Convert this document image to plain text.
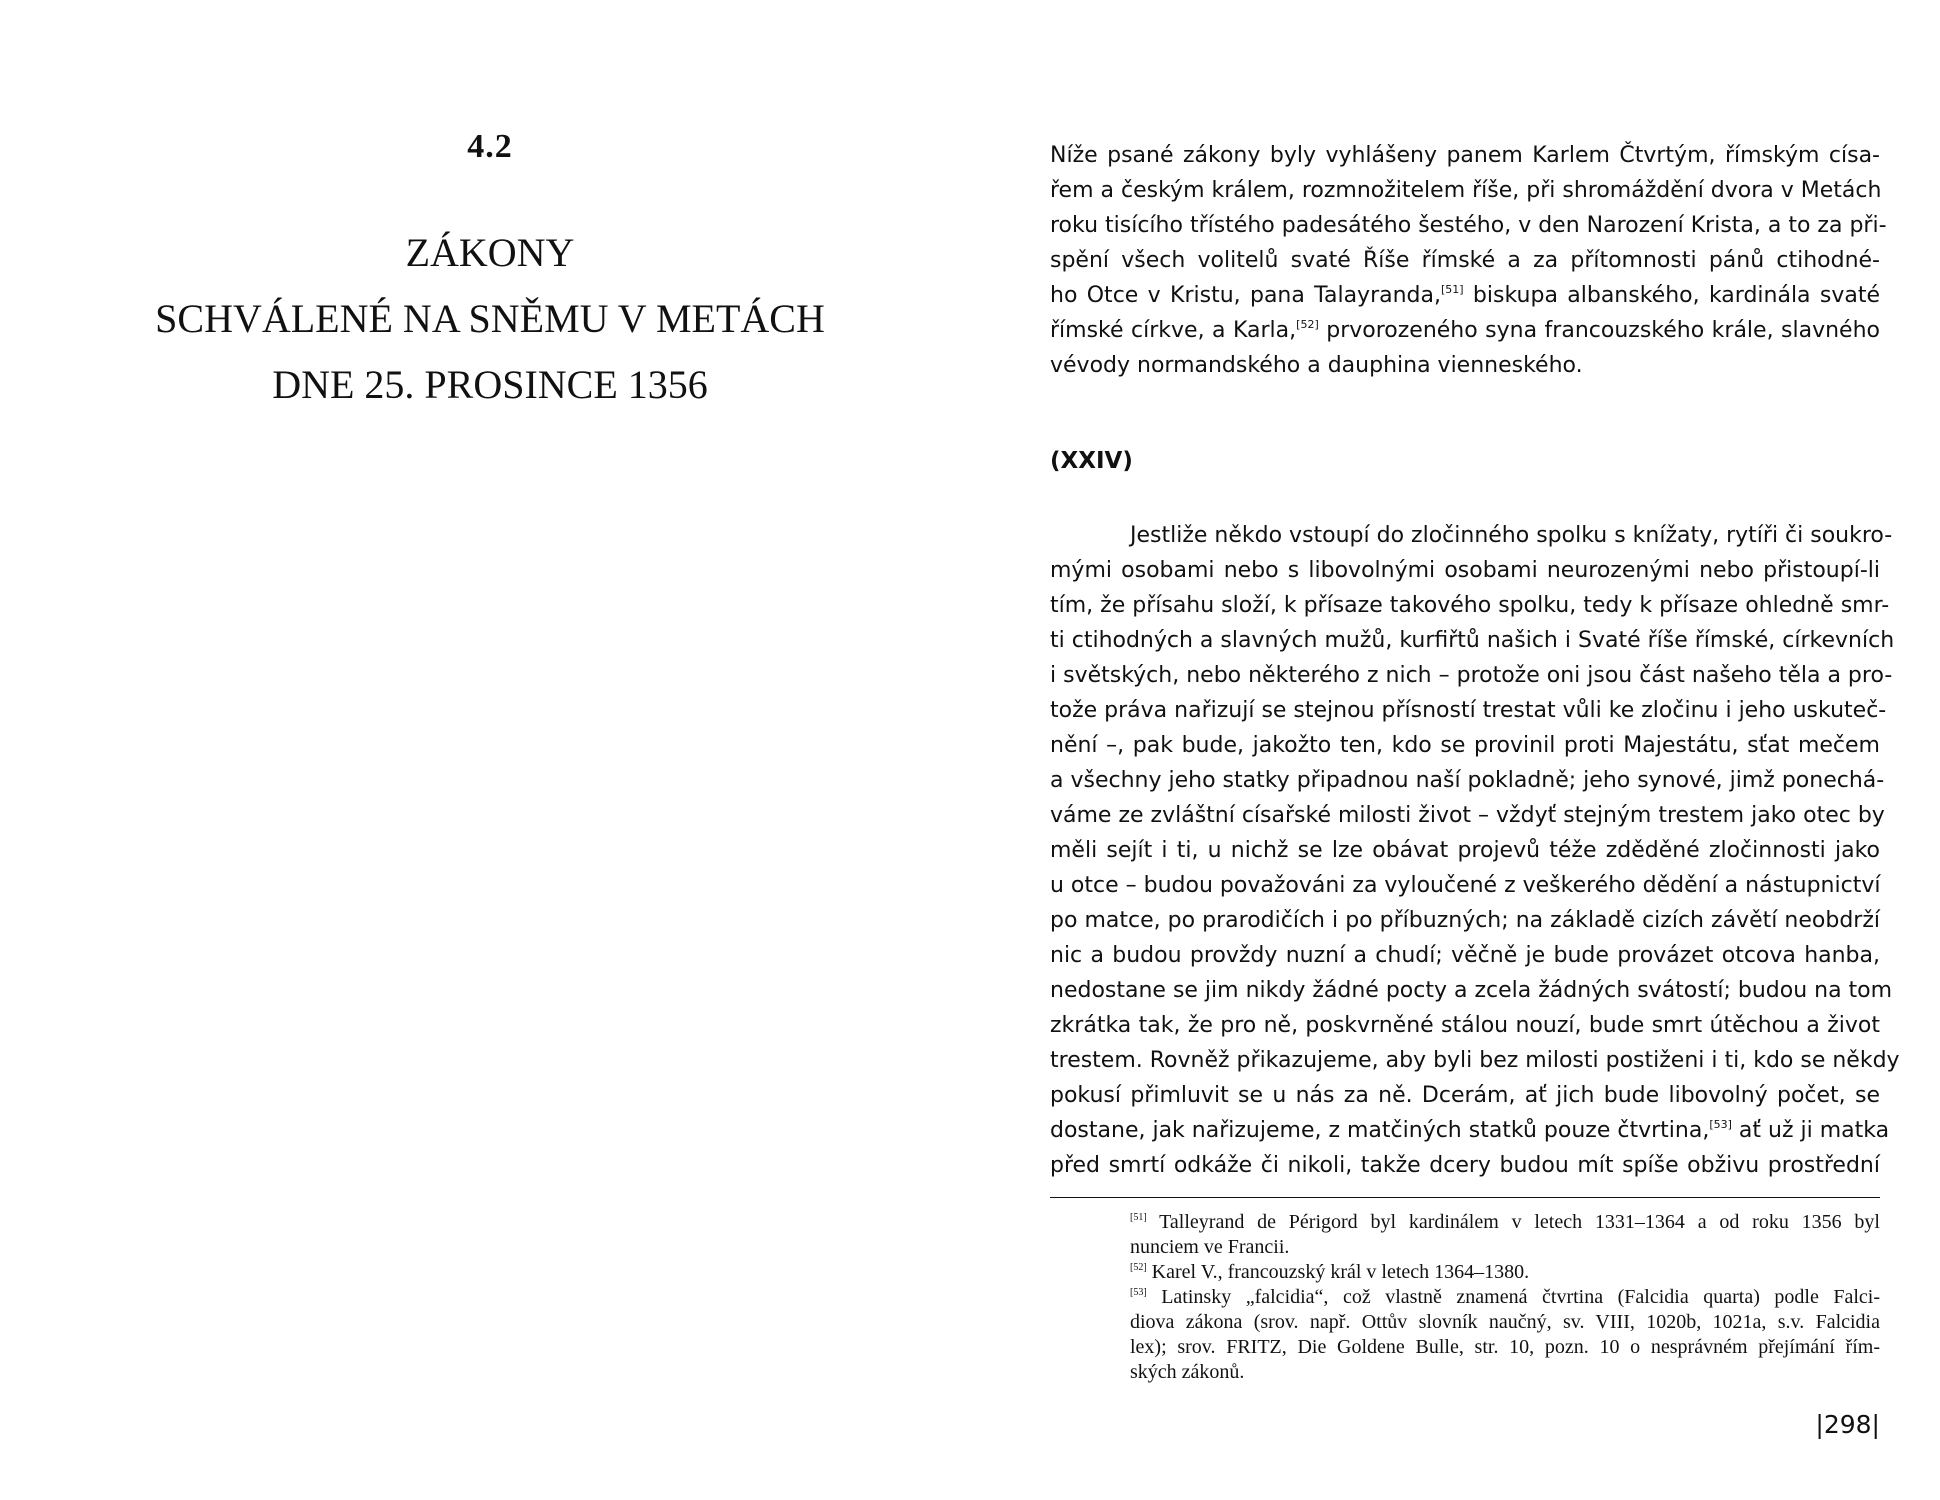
4.2
ZÁKONY
SCHVÁLENÉ NA SNĚMU V METÁCH
DNE 25. PROSINCE 1356
Níže psané zákony byly vyhlášeny panem Karlem Čtvrtým, římským císa-
řem a českým králem, rozmnožitelem říše, při shromáždění dvora v Metách
roku tisícího třístého padesátého šestého, v den Narození Krista, a to za při-
spění všech volitelů svaté Říše římské a za přítomnosti pánů ctihodné-
ho Otce v Kristu, pana Talayranda,[51] biskupa albanského, kardinála svaté
římské církve, a Karla,[52] prvorozeného syna francouzského krále, slavného
vévody normandského a dauphina vienneského.
(XXIV)
Jestliže někdo vstoupí do zločinného spolku s knížaty, rytíři či soukro-
mými osobami nebo s libovolnými osobami neurozenými nebo přistoupí-li
tím, že přísahu složí, k přísaze takového spolku, tedy k přísaze ohledně smr-
ti ctihodných a slavných mužů, kurfiřtů našich i Svaté říše římské, církevních
i světských, nebo některého z nich – protože oni jsou část našeho těla a pro-
tože práva nařizují se stejnou přísností trestat vůli ke zločinu i jeho uskuteč-
nění –, pak bude, jakožto ten, kdo se provinil proti Majestátu, sťat mečem
a všechny jeho statky připadnou naší pokladně; jeho synové, jimž ponechá-
váme ze zvláštní císařské milosti život – vždyť stejným trestem jako otec by
měli sejít i ti, u nichž se lze obávat projevů téže zděděné zločinnosti jako
u otce – budou považováni za vyloučené z veškerého dědění a nástupnictví
po matce, po prarodičích i po příbuzných; na základě cizích závětí neobdrží
nic a budou provždy nuzní a chudí; věčně je bude provázet otcova hanba,
nedostane se jim nikdy žádné pocty a zcela žádných svátostí; budou na tom
zkrátka tak, že pro ně, poskvrněné stálou nouzí, bude smrt útěchou a život
trestem. Rovněž přikazujeme, aby byli bez milosti postiženi i ti, kdo se někdy
pokusí přimluvit se u nás za ně. Dcerám, ať jich bude libovolný počet, se
dostane, jak nařizujeme, z matčiných statků pouze čtvrtina,[53] ať už ji matka
před smrtí odkáže či nikoli, takže dcery budou mít spíše obživu prostřední
[51] Talleyrand de Périgord byl kardinálem v letech 1331–1364 a od roku 1356 byl
nunciem ve Francii.
[52] Karel V., francouzský král v letech 1364–1380.
[53] Latinsky „falcidia“, což vlastně znamená čtvrtina (Falcidia quarta) podle Falci-
diova zákona (srov. např. Ottův slovník naučný, sv. VIII, 1020b, 1021a, s.v. Falcidia
lex); srov. FRITZ, Die Goldene Bulle, str. 10, pozn. 10 o nesprávném přejímání řím-
ských zákonů.
|298|
